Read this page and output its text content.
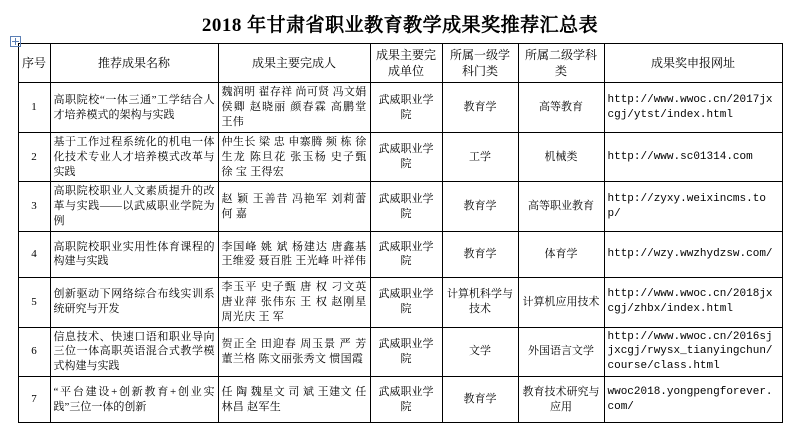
2018 年甘肃省职业教育教学成果奖推荐汇总表
序号	推荐成果名称	成果主要完成人	成果主要完成单位	所属一级学科门类	所属二级学科类	成果奖申报网址
1	高职院校“一体三通”工学结合人才培养模式的架构与实践	魏润明 翟存祥 尚可贤 冯文娟 侯卿 赵晓丽 颜春霖 高鹏堂 王伟	武威职业学院	教育学	高等教育	http://www.wwoc.cn/2017jxcgj/ytst/index.html
2	基于工作过程系统化的机电一体化技术专业人才培养模式改革与实践	仲生长 梁 忠 申寨腾 频 栋 徐生龙 陈旦花 张玉杨 史子甄 徐 宝 王得宏	武威职业学院	工学	机械类	http://www.sc01314.com
3	高职院校职业人文素质提升的改革与实践——以武威职业学院为例	赵 颖 王善昔 冯艳军 刘莉蕾 何 嘉	武威职业学院	教育学	高等职业教育	http://zyxy.weixincms.top/
4	高职院校职业实用性体育课程的构建与实践	李国峰 姚 斌 杨建达 唐鑫基 王维爱 聂百胜 王光峰 叶祥伟	武威职业学院	教育学	体育学	http://wzy.wwzhydzsw.com/
5	创新驱动下网络综合布线实训系统研究与开发	李玉平 史子甄 唐 权 刁文英 唐业萍 张伟东 王 权 赵刚星 周光庆 王 军	武威职业学院	计算机科学与技术	计算机应用技术	http://www.wwoc.cn/2018jxcgj/zhbx/index.html
6	信息技术、快速口语和职业导向三位一体高职英语混合式教学模式构建与实践	贺正全 田迎春 周玉景 严 芳 董兰格 陈文丽张秀文 惯国霞	武威职业学院	文学	外国语言文学	http://www.wwoc.cn/2016sjjxcgj/rwysx_tianyingchun/course/class.html
7	“平台建设+创新教育+创业实践”三位一体的创新	任 陶 魏星文 司 斌 王建文 任林昌 赵军生	武威职业学院	教育学	教育技术研究与应用	wwoc2018.yongpengforever.com/
